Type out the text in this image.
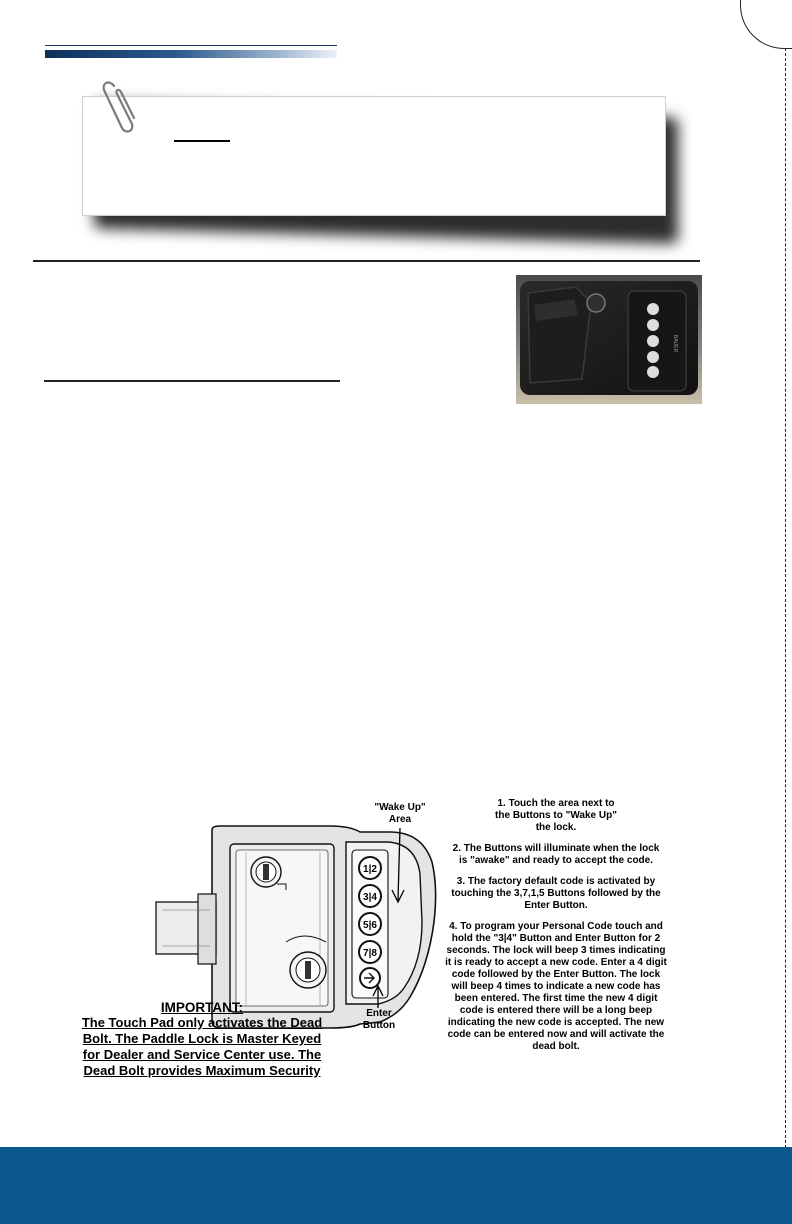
BAUER
1|2
3|4
5|6
7|8
"Wake Up"
Area
Enter
Button
IMPORTANT:
The Touch Pad only activates the Dead
Bolt. The Paddle Lock is Master Keyed
for Dealer and Service Center use. The
Dead Bolt provides Maximum Security
1. Touch the area next to
the Buttons to "Wake Up"
the lock.
2. The Buttons will illuminate when the lock
is "awake" and ready to accept the code.
3. The factory default code is activated by
touching the 3,7,1,5 Buttons followed by the
Enter Button.
4. To program your Personal Code touch and
hold the "3|4" Button and Enter Button for 2
seconds. The lock will beep 3 times indicating
it is ready to accept a new code. Enter a 4 digit
code followed by the Enter Button. The lock
will beep 4 times to indicate a new code has
been entered. The first time the new 4 digit
code is entered there will be a long beep
indicating the new code is accepted. The new
code can be entered now and will activate the
dead bolt.
